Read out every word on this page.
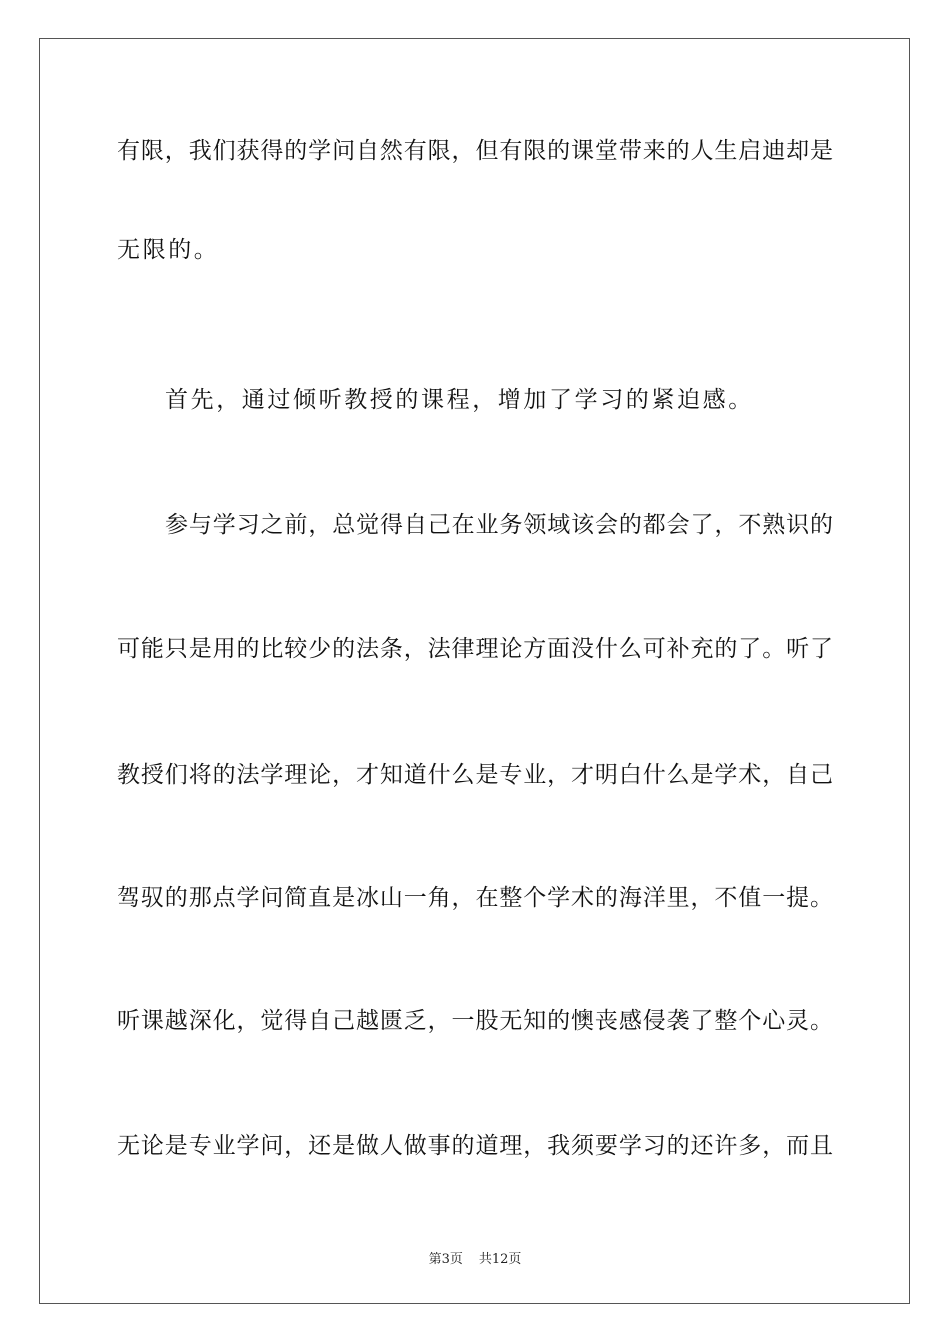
有限，我们获得的学问自然有限，但有限的课堂带来的人生启迪却是
无限的。
首先，通过倾听教授的课程，增加了学习的紧迫感。
参与学习之前，总觉得自己在业务领域该会的都会了，不熟识的
可能只是用的比较少的法条，法律理论方面没什么可补充的了。听了
教授们将的法学理论，才知道什么是专业，才明白什么是学术，自己
驾驭的那点学问简直是冰山一角，在整个学术的海洋里，不值一提。
听课越深化，觉得自己越匮乏，一股无知的懊丧感侵袭了整个心灵。
无论是专业学问，还是做人做事的道理，我须要学习的还许多，而且
第3页 共12页
